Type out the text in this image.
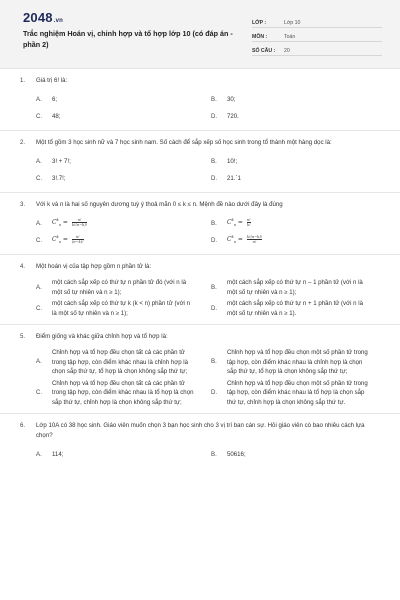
2048.vn
Trắc nghiệm Hoán vị, chỉnh hợp và tổ hợp lớp 10 (có đáp án - phần 2)
LỚP :	Lớp 10
MÔN :	Toán
SỐ CÂU :	20
1.	Giá trị 6! là:
A.	6;	B.	30;
C.	48;	D.	720.
2.	Một tổ gồm 3 học sinh nữ và 7 học sinh nam. Số cách để sắp xếp số học sinh trong tổ thành một hàng dọc là:
A.	3! + 7!;	B.	10!;
C.	3!.7!;	D.	21.`1
3.	Với k và n là hai số nguyên dương tuỳ ý thoả mãn 0 ≤ k ≤ n. Mệnh đề nào dưới đây là đúng
A.	$C^k_n = \frac{n!}{k!(n-k)!}$	B.	$C^k_n = \frac{n!}{k!}$
C.	$C^k_n = \frac{n!}{(n-k)!}$	D.	$C^k_n = \frac{k!(n-k)!}{n!}$
4.	Một hoán vị của tập hợp gồm n phần tử là:
A.
một cách sắp xếp có thứ tự n phần tử đó (với n là một số tự nhiên và n ≥ 1);
B.
một cách sắp xếp có thứ tự n – 1 phần tử (với n là một số tự nhiên và n ≥ 1);
C.
một cách sắp xếp có thứ tự k (k < n) phần tử (với n là một số tự nhiên và n ≥ 1);
D.
một cách sắp xếp có thứ tự n + 1 phần tử (với n là một số tự nhiên và n ≥ 1).
5.	Điểm giống và khác giữa chỉnh hợp và tổ hợp là:
A.
Chỉnh hợp và tổ hợp đều chọn tất cả các phần tử trong tập hợp, còn điểm khác nhau là chỉnh hợp là chọn sắp thứ tự, tổ hợp là chọn không sắp thứ tự;
B.
Chỉnh hợp và tổ hợp đều chọn một số phần tử trong tập hợp, còn điểm khác nhau là chỉnh hợp là chọn sắp thứ tự, tổ hợp là chọn không sắp thứ tự;
C.
Chỉnh hợp và tổ hợp đều chọn tất cả các phần tử trong tập hợp, còn điểm khác nhau là tổ hợp là chọn sắp thứ tự, chỉnh hợp là chọn không sắp thứ tự;
D.
Chỉnh hợp và tổ hợp đều chọn một số phần tử trong tập hợp, còn điểm khác nhau là tổ hợp là chọn sắp thứ tự, chỉnh hợp là chọn không sắp thứ tự.
6.	Lớp 10A có 38 học sinh. Giáo viên muốn chọn 3 bạn học sinh cho 3 vị trí ban cán sự. Hỏi giáo viên có bao nhiêu cách lựa chọn?
A.	114;	B.	50616;
